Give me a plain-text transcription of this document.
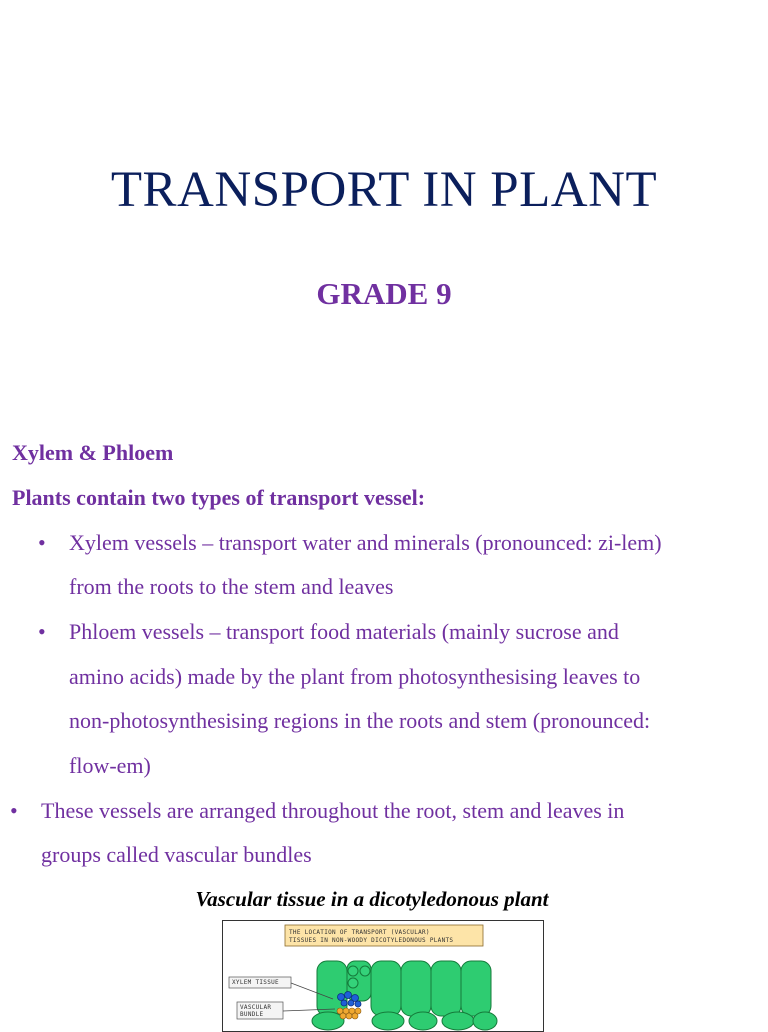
TRANSPORT IN PLANT
GRADE 9
Xylem & Phloem
Plants contain two types of transport vessel:
• Xylem vessels – transport water and minerals (pronounced: zi-lem)
from the roots to the stem and leaves
• Phloem vessels – transport food materials (mainly sucrose and
amino acids) made by the plant from photosynthesising leaves to
non-photosynthesising regions in the roots and stem (pronounced:
flow-em)
• These vessels are arranged throughout the root, stem and leaves in
groups called vascular bundles
Vascular tissue in a dicotyledonous plant
THE LOCATION OF TRANSPORT (VASCULAR)
TISSUES IN NON-WOODY DICOTYLEDONOUS PLANTS
XYLEM TISSUE
VASCULAR
BUNDLE
